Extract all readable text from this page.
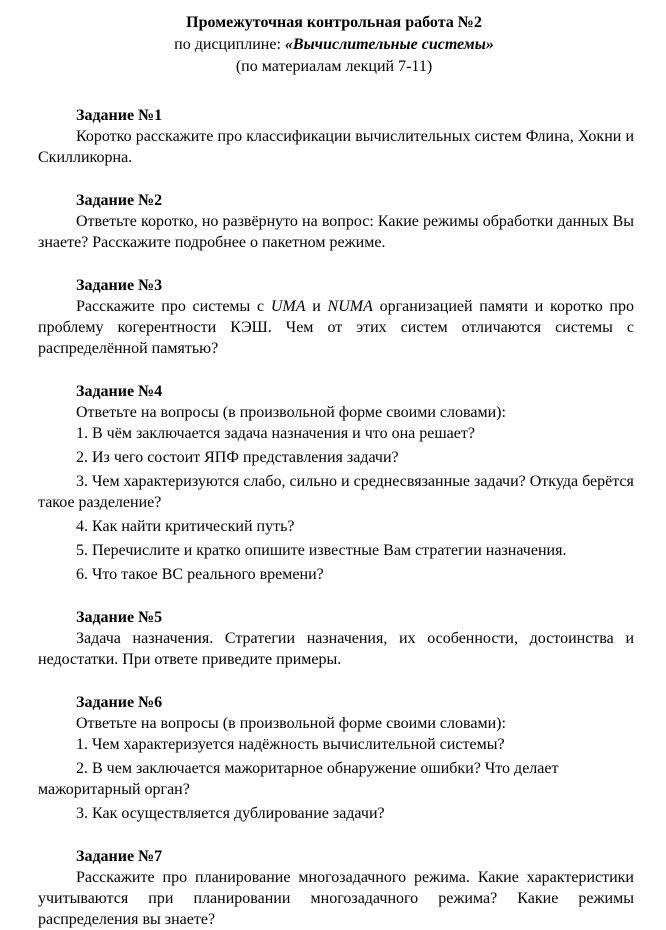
Промежуточная контрольная работа №2
по дисциплине: «Вычислительные системы»
(по материалам лекций 7-11)
Задание №1

Коротко расскажите про классификации вычислительных систем Флина, Хокни и Скилликорна.

Задание №2

Ответьте коротко, но развёрнуто на вопрос: Какие режимы обработки данных Вы знаете? Расскажите подробнее о пакетном режиме.

Задание №3

Расскажите про системы с UMA и NUMA организацией памяти и коротко про проблему когерентности КЭШ. Чем от этих систем отличаются системы с распределённой памятью?

Задание №4

Ответьте на вопросы (в произвольной форме своими словами):

1. В чём заключается задача назначения и что она решает?

2. Из чего состоит ЯПФ представления задачи?

3. Чем характеризуются слабо, сильно и среднесвязанные задачи? Откуда берётся такое разделение?

4. Как найти критический путь?

5. Перечислите и кратко опишите известные Вам стратегии назначения.

6. Что такое ВС реального времени?

Задание №5

Задача назначения. Стратегии назначения, их особенности, достоинства и недостатки. При ответе приведите примеры.

Задание №6

Ответьте на вопросы (в произвольной форме своими словами):

1. Чем характеризуется надёжность вычислительной системы?

2. В чем заключается мажоритарное обнаружение ошибки? Что делает мажоритарный орган?

3. Как осуществляется дублирование задачи?

Задание №7

Расскажите про планирование многозадачного режима. Какие характеристики учитываются при планировании многозадачного режима? Какие режимы распределения вы знаете?
